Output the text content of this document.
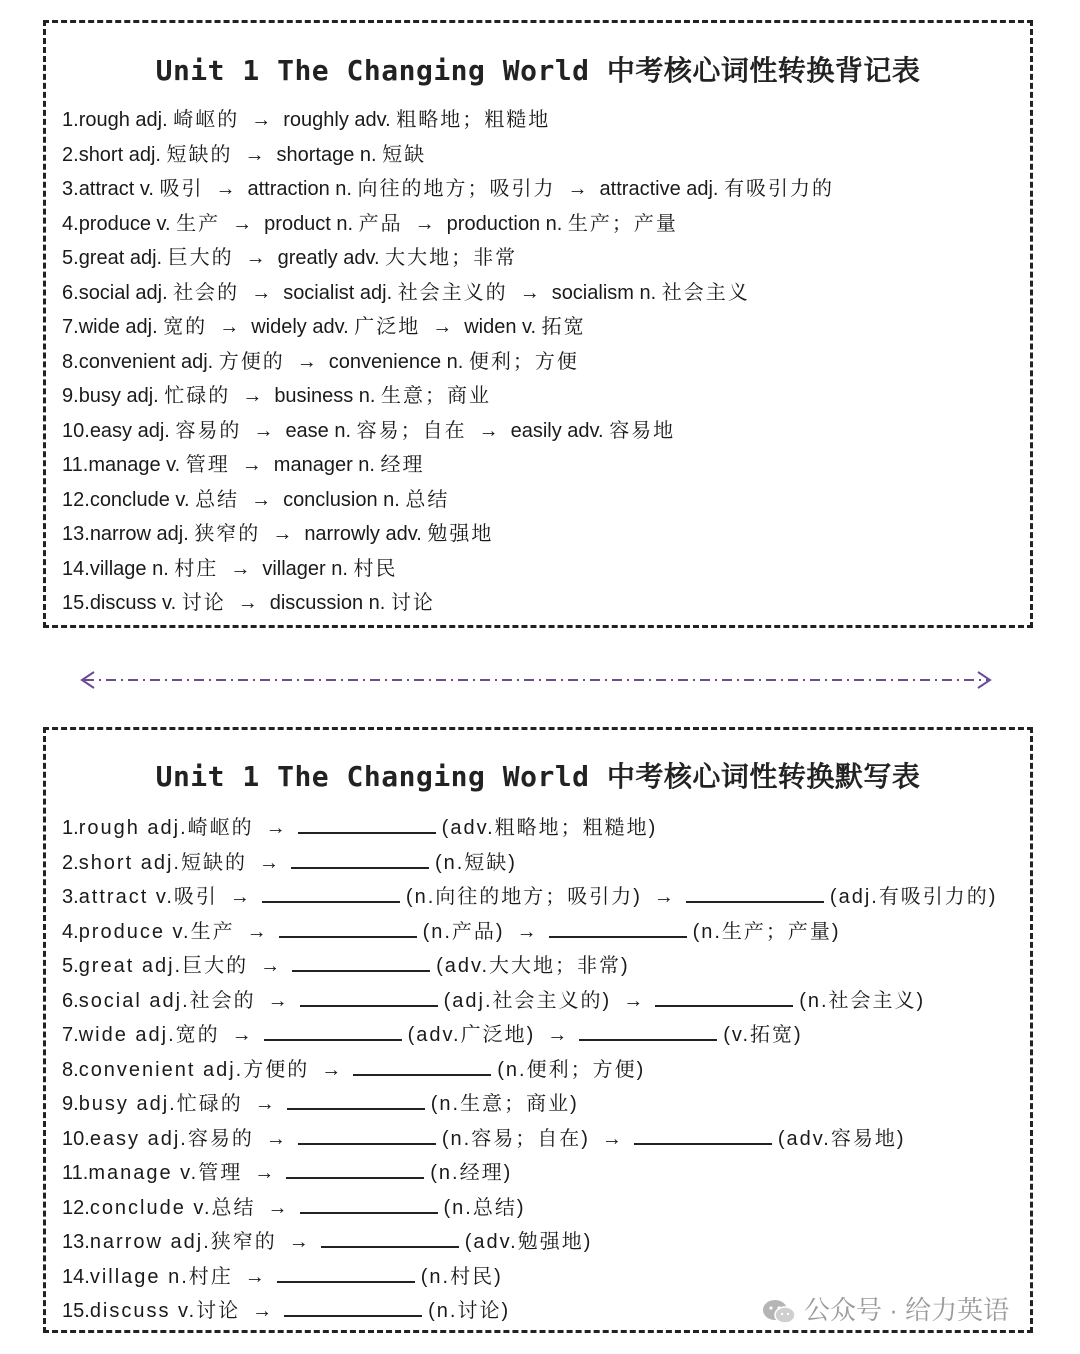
Unit 1 The Changing World 中考核心词性转换背记表
1.rough adj. 崎岖的 → roughly adv. 粗略地；粗糙地
2.short adj. 短缺的 → shortage n. 短缺
3.attract v. 吸引 → attraction n. 向往的地方；吸引力 → attractive adj. 有吸引力的
4.produce v. 生产 → product n. 产品 → production n. 生产；产量
5.great adj. 巨大的 → greatly adv. 大大地；非常
6.social adj. 社会的 → socialist adj. 社会主义的 → socialism n. 社会主义
7.wide adj. 宽的 → widely adv. 广泛地 → widen v. 拓宽
8.convenient adj. 方便的 → convenience n. 便利；方便
9.busy adj. 忙碌的 → business n. 生意；商业
10.easy adj. 容易的 → ease n. 容易；自在 → easily adv. 容易地
11.manage v. 管理 → manager n. 经理
12.conclude v. 总结 → conclusion n. 总结
13.narrow adj. 狭窄的 → narrowly adv. 勉强地
14.village n. 村庄 → villager n. 村民
15.discuss v. 讨论 → discussion n. 讨论
Unit 1 The Changing World 中考核心词性转换默写表
1.rough adj.崎岖的 →	(adv.粗略地；粗糙地)
2.short adj.短缺的 →	(n.短缺)
3.attract v.吸引 →	(n.向往的地方；吸引力) →	(adj.有吸引力的)
4.produce v.生产 →	(n.产品) →	(n.生产；产量)
5.great adj.巨大的 →	(adv.大大地；非常)
6.social adj.社会的 →	(adj.社会主义的) →	(n.社会主义)
7.wide adj.宽的 →	(adv.广泛地) →	(v.拓宽)
8.convenient adj.方便的 →	(n.便利；方便)
9.busy adj.忙碌的 →	(n.生意；商业)
10.easy adj.容易的 →	(n.容易；自在) →	(adv.容易地)
11.manage v.管理 →	(n.经理)
12.conclude v.总结 →	(n.总结)
13.narrow adj.狭窄的 →	(adv.勉强地)
14.village n.村庄 →	(n.村民)
15.discuss v.讨论 →	(n.讨论)	公众号 · 给力英语
